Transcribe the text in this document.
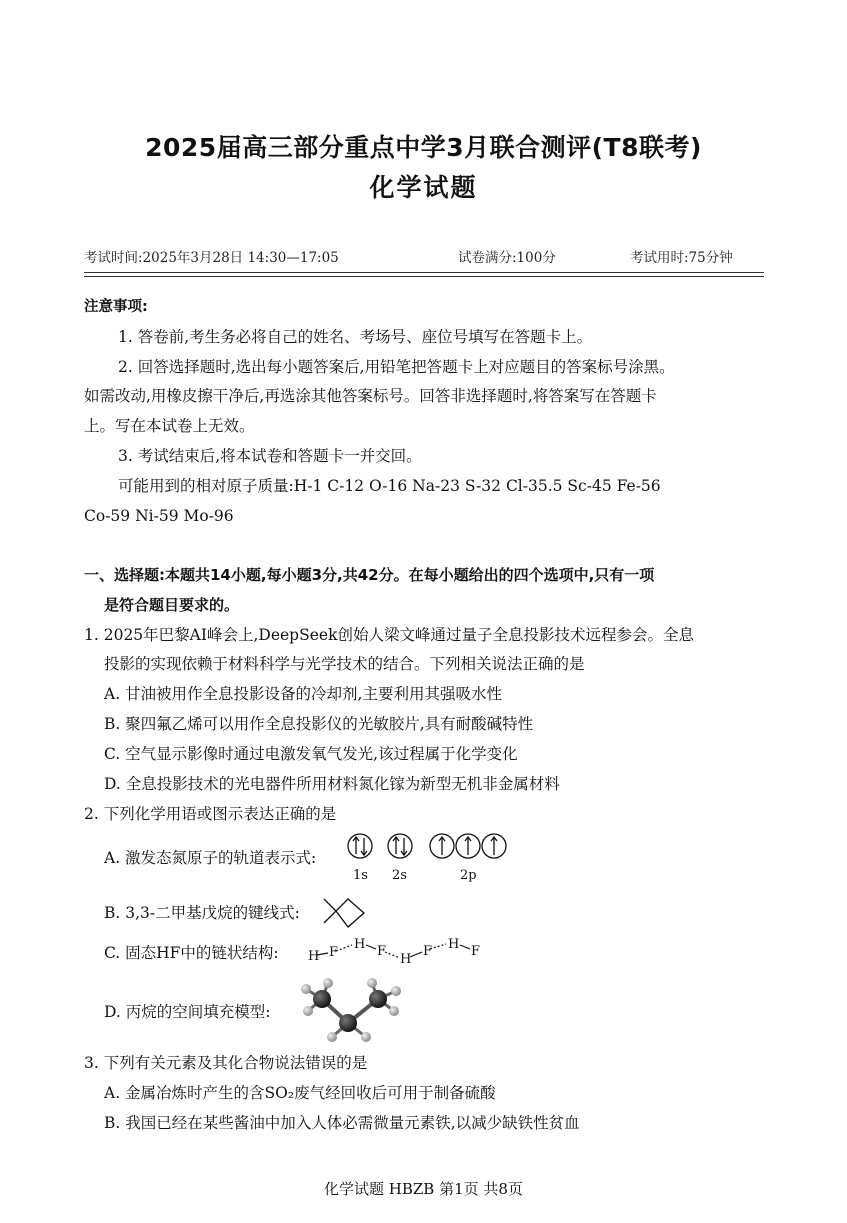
2025届高三部分重点中学3月联合测评(T8联考)
化学试题
考试时间:2025年3月28日 14:30—17:05	试卷满分:100分	考试用时:75分钟
注意事项:
1. 答卷前,考生务必将自己的姓名、考场号、座位号填写在答题卡上。
2. 回答选择题时,选出每小题答案后,用铅笔把答题卡上对应题目的答案标号涂黑。
如需改动,用橡皮擦干净后,再选涂其他答案标号。回答非选择题时,将答案写在答题卡
上。写在本试卷上无效。
3. 考试结束后,将本试卷和答题卡一并交回。
可能用到的相对原子质量:H-1 C-12 O-16 Na-23 S-32 Cl-35.5 Sc-45 Fe-56
Co-59 Ni-59 Mo-96
一、选择题:本题共14小题,每小题3分,共42分。在每小题给出的四个选项中,只有一项
是符合题目要求的。
1. 2025年巴黎AI峰会上,DeepSeek创始人梁文峰通过量子全息投影技术远程参会。全息
投影的实现依赖于材料科学与光学技术的结合。下列相关说法正确的是
A. 甘油被用作全息投影设备的冷却剂,主要利用其强吸水性
B. 聚四氟乙烯可以用作全息投影仪的光敏胶片,具有耐酸碱特性
C. 空气显示影像时通过电激发氧气发光,该过程属于化学变化
D. 全息投影技术的光电器件所用材料氮化镓为新型无机非金属材料
2. 下列化学用语或图示表达正确的是
A. 激发态氮原子的轨道表示式:
1s 2s	2p
B. 3,3-二甲基戊烷的键线式:
C. 固态HF中的链状结构: H F
H F
H
F H F
D. 丙烷的空间填充模型:
3. 下列有关元素及其化合物说法错误的是
A. 金属冶炼时产生的含SO₂废气经回收后可用于制备硫酸
B. 我国已经在某些酱油中加入人体必需微量元素铁,以减少缺铁性贫血
化学试题 HBZB 第1页 共8页
